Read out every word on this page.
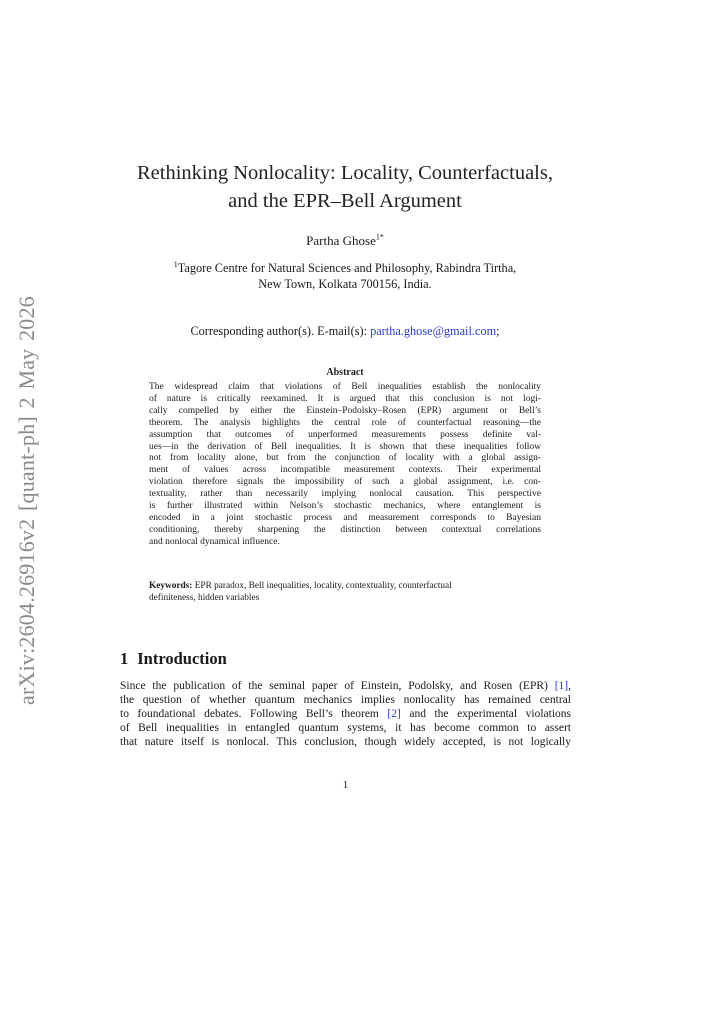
arXiv:2604.26916v2 [quant-ph] 2 May 2026
Rethinking Nonlocality: Locality, Counterfactuals,
and the EPR–Bell Argument
Partha Ghose$^{1*}$
$^1$Tagore Centre for Natural Sciences and Philosophy, Rabindra Tirtha,
New Town, Kolkata 700156, India.
Corresponding author(s). E-mail(s): partha.ghose@gmail.com;
Abstract
The widespread claim that violations of Bell inequalities establish the nonlocality
of nature is critically reexamined. It is argued that this conclusion is not logi-
cally compelled by either the Einstein–Podolsky–Rosen (EPR) argument or Bell’s
theorem. The analysis highlights the central role of counterfactual reasoning—the
assumption that outcomes of unperformed measurements possess definite val-
ues—in the derivation of Bell inequalities. It is shown that these inequalities follow
not from locality alone, but from the conjunction of locality with a global assign-
ment of values across incompatible measurement contexts. Their experimental
violation therefore signals the impossibility of such a global assignment, i.e. con-
textuality, rather than necessarily implying nonlocal causation. This perspective
is further illustrated within Nelson’s stochastic mechanics, where entanglement is
encoded in a joint stochastic process and measurement corresponds to Bayesian
conditioning, thereby sharpening the distinction between contextual correlations
and nonlocal dynamical influence.
Keywords: EPR paradox, Bell inequalities, locality, contextuality, counterfactual
definiteness, hidden variables
1 Introduction
Since the publication of the seminal paper of Einstein, Podolsky, and Rosen (EPR) [1],
the question of whether quantum mechanics implies nonlocality has remained central
to foundational debates. Following Bell’s theorem [2] and the experimental violations
of Bell inequalities in entangled quantum systems, it has become common to assert
that nature itself is nonlocal. This conclusion, though widely accepted, is not logically
1
